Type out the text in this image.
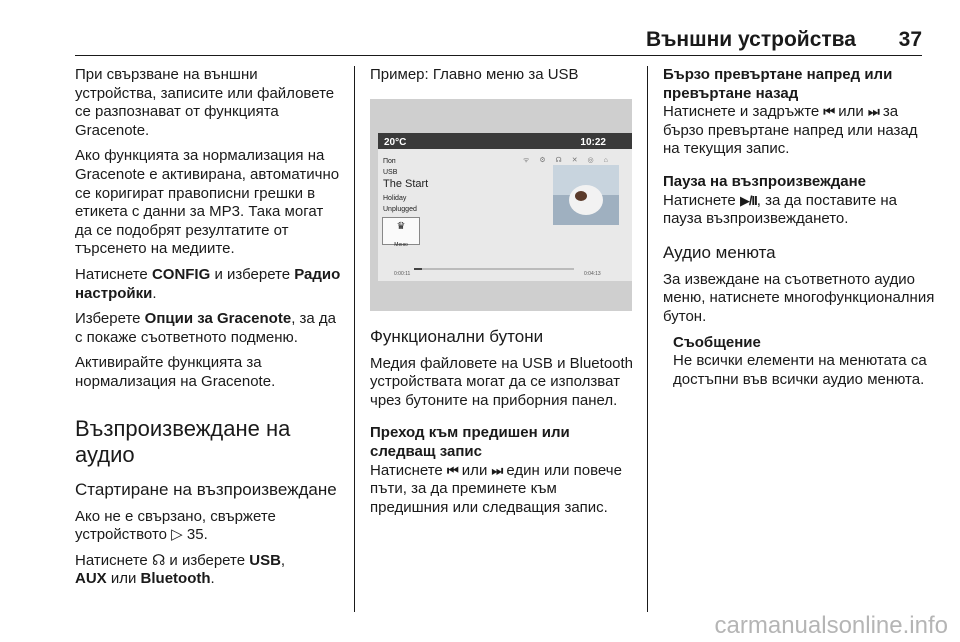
Външни устройства 37

При свързване на външни устройства, записите или файловете се разпознават от функцията Gracenote.

Ако функцията за нормализация на Gracenote е активирана, автоматично се коригират правописни грешки в етикета с данни за MP3. Така могат да се подобрят резултатите от търсенето на медиите.

Натиснете CONFIG и изберете Радио настройки.

Изберете Опции за Gracenote, за да с покаже съответното подменю.

Активирайте функцията за нормализация на Gracenote.

Възпроизвеждане на аудио
Стартиране на възпроизвеждане

Ако не е свързано, свържете устройството ▷ 35.

Натиснете ☊ и изберете USB,
AUX или Bluetooth.

Пример: Главно меню за USB

20°C	10:22
ᯤ ⚙ ☊ ✕ ◎ ⌂
Поп
USB
The Start
Holiday
Unplugged
♛
Меню
0:00:11	0:04:13
Функционални бутони

Медия файловете на USB и Bluetooth устройствата могат да се използват чрез бутоните на приборния панел.

Преход към предишен или следващ запис

Натиснете ⏮ или ⏭ един или повече пъти, за да преминете към предишния или следващия запис.

Бързо превъртане напред или превъртане назад

Натиснете и задръжте ⏮ или ⏭ за бързо превъртане напред или назад на текущия запис.

Пауза на възпроизвеждане

Натиснете ▶/II, за да поставите на пауза възпроизвеждането.

Аудио менюта

За извеждане на съответното аудио меню, натиснете многофункционалния бутон.

Съобщение
Не всички елементи на менютата са достъпни във всички аудио менюта.
carmanualsonline.info
